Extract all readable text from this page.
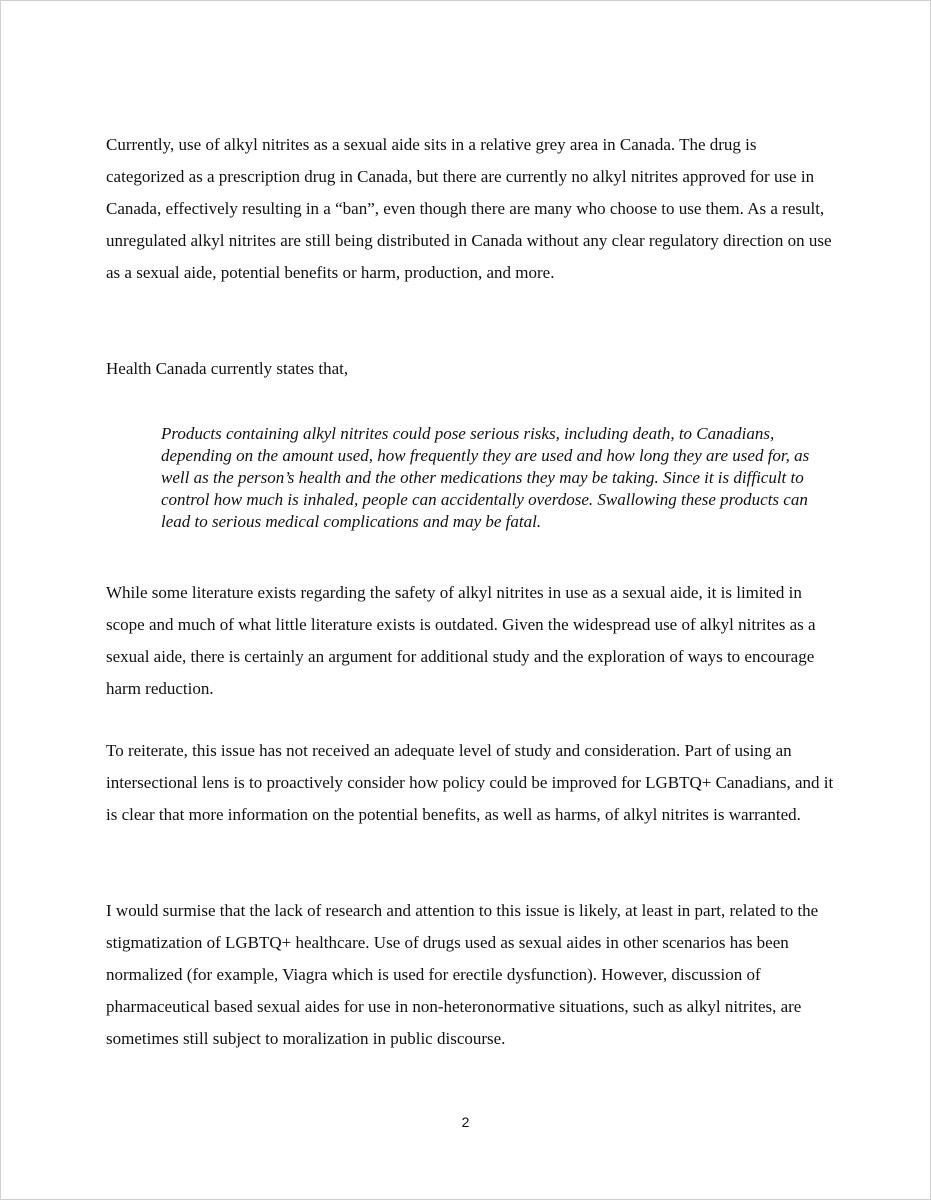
Currently, use of alkyl nitrites as a sexual aide sits in a relative grey area in Canada. The drug is categorized as a prescription drug in Canada, but there are currently no alkyl nitrites approved for use in Canada, effectively resulting in a “ban”, even though there are many who choose to use them. As a result, unregulated alkyl nitrites are still being distributed in Canada without any clear regulatory direction on use as a sexual aide, potential benefits or harm, production, and more.

Health Canada currently states that,

Products containing alkyl nitrites could pose serious risks, including death, to Canadians, depending on the amount used, how frequently they are used and how long they are used for, as well as the person’s health and the other medications they may be taking. Since it is difficult to control how much is inhaled, people can accidentally overdose. Swallowing these products can lead to serious medical complications and may be fatal.

While some literature exists regarding the safety of alkyl nitrites in use as a sexual aide, it is limited in scope and much of what little literature exists is outdated. Given the widespread use of alkyl nitrites as a sexual aide, there is certainly an argument for additional study and the exploration of ways to encourage harm reduction.

To reiterate, this issue has not received an adequate level of study and consideration. Part of using an intersectional lens is to proactively consider how policy could be improved for LGBTQ+ Canadians, and it is clear that more information on the potential benefits, as well as harms, of alkyl nitrites is warranted.

I would surmise that the lack of research and attention to this issue is likely, at least in part, related to the stigmatization of LGBTQ+ healthcare. Use of drugs used as sexual aides in other scenarios has been normalized (for example, Viagra which is used for erectile dysfunction). However, discussion of pharmaceutical based sexual aides for use in non-heteronormative situations, such as alkyl nitrites, are sometimes still subject to moralization in public discourse.

2
